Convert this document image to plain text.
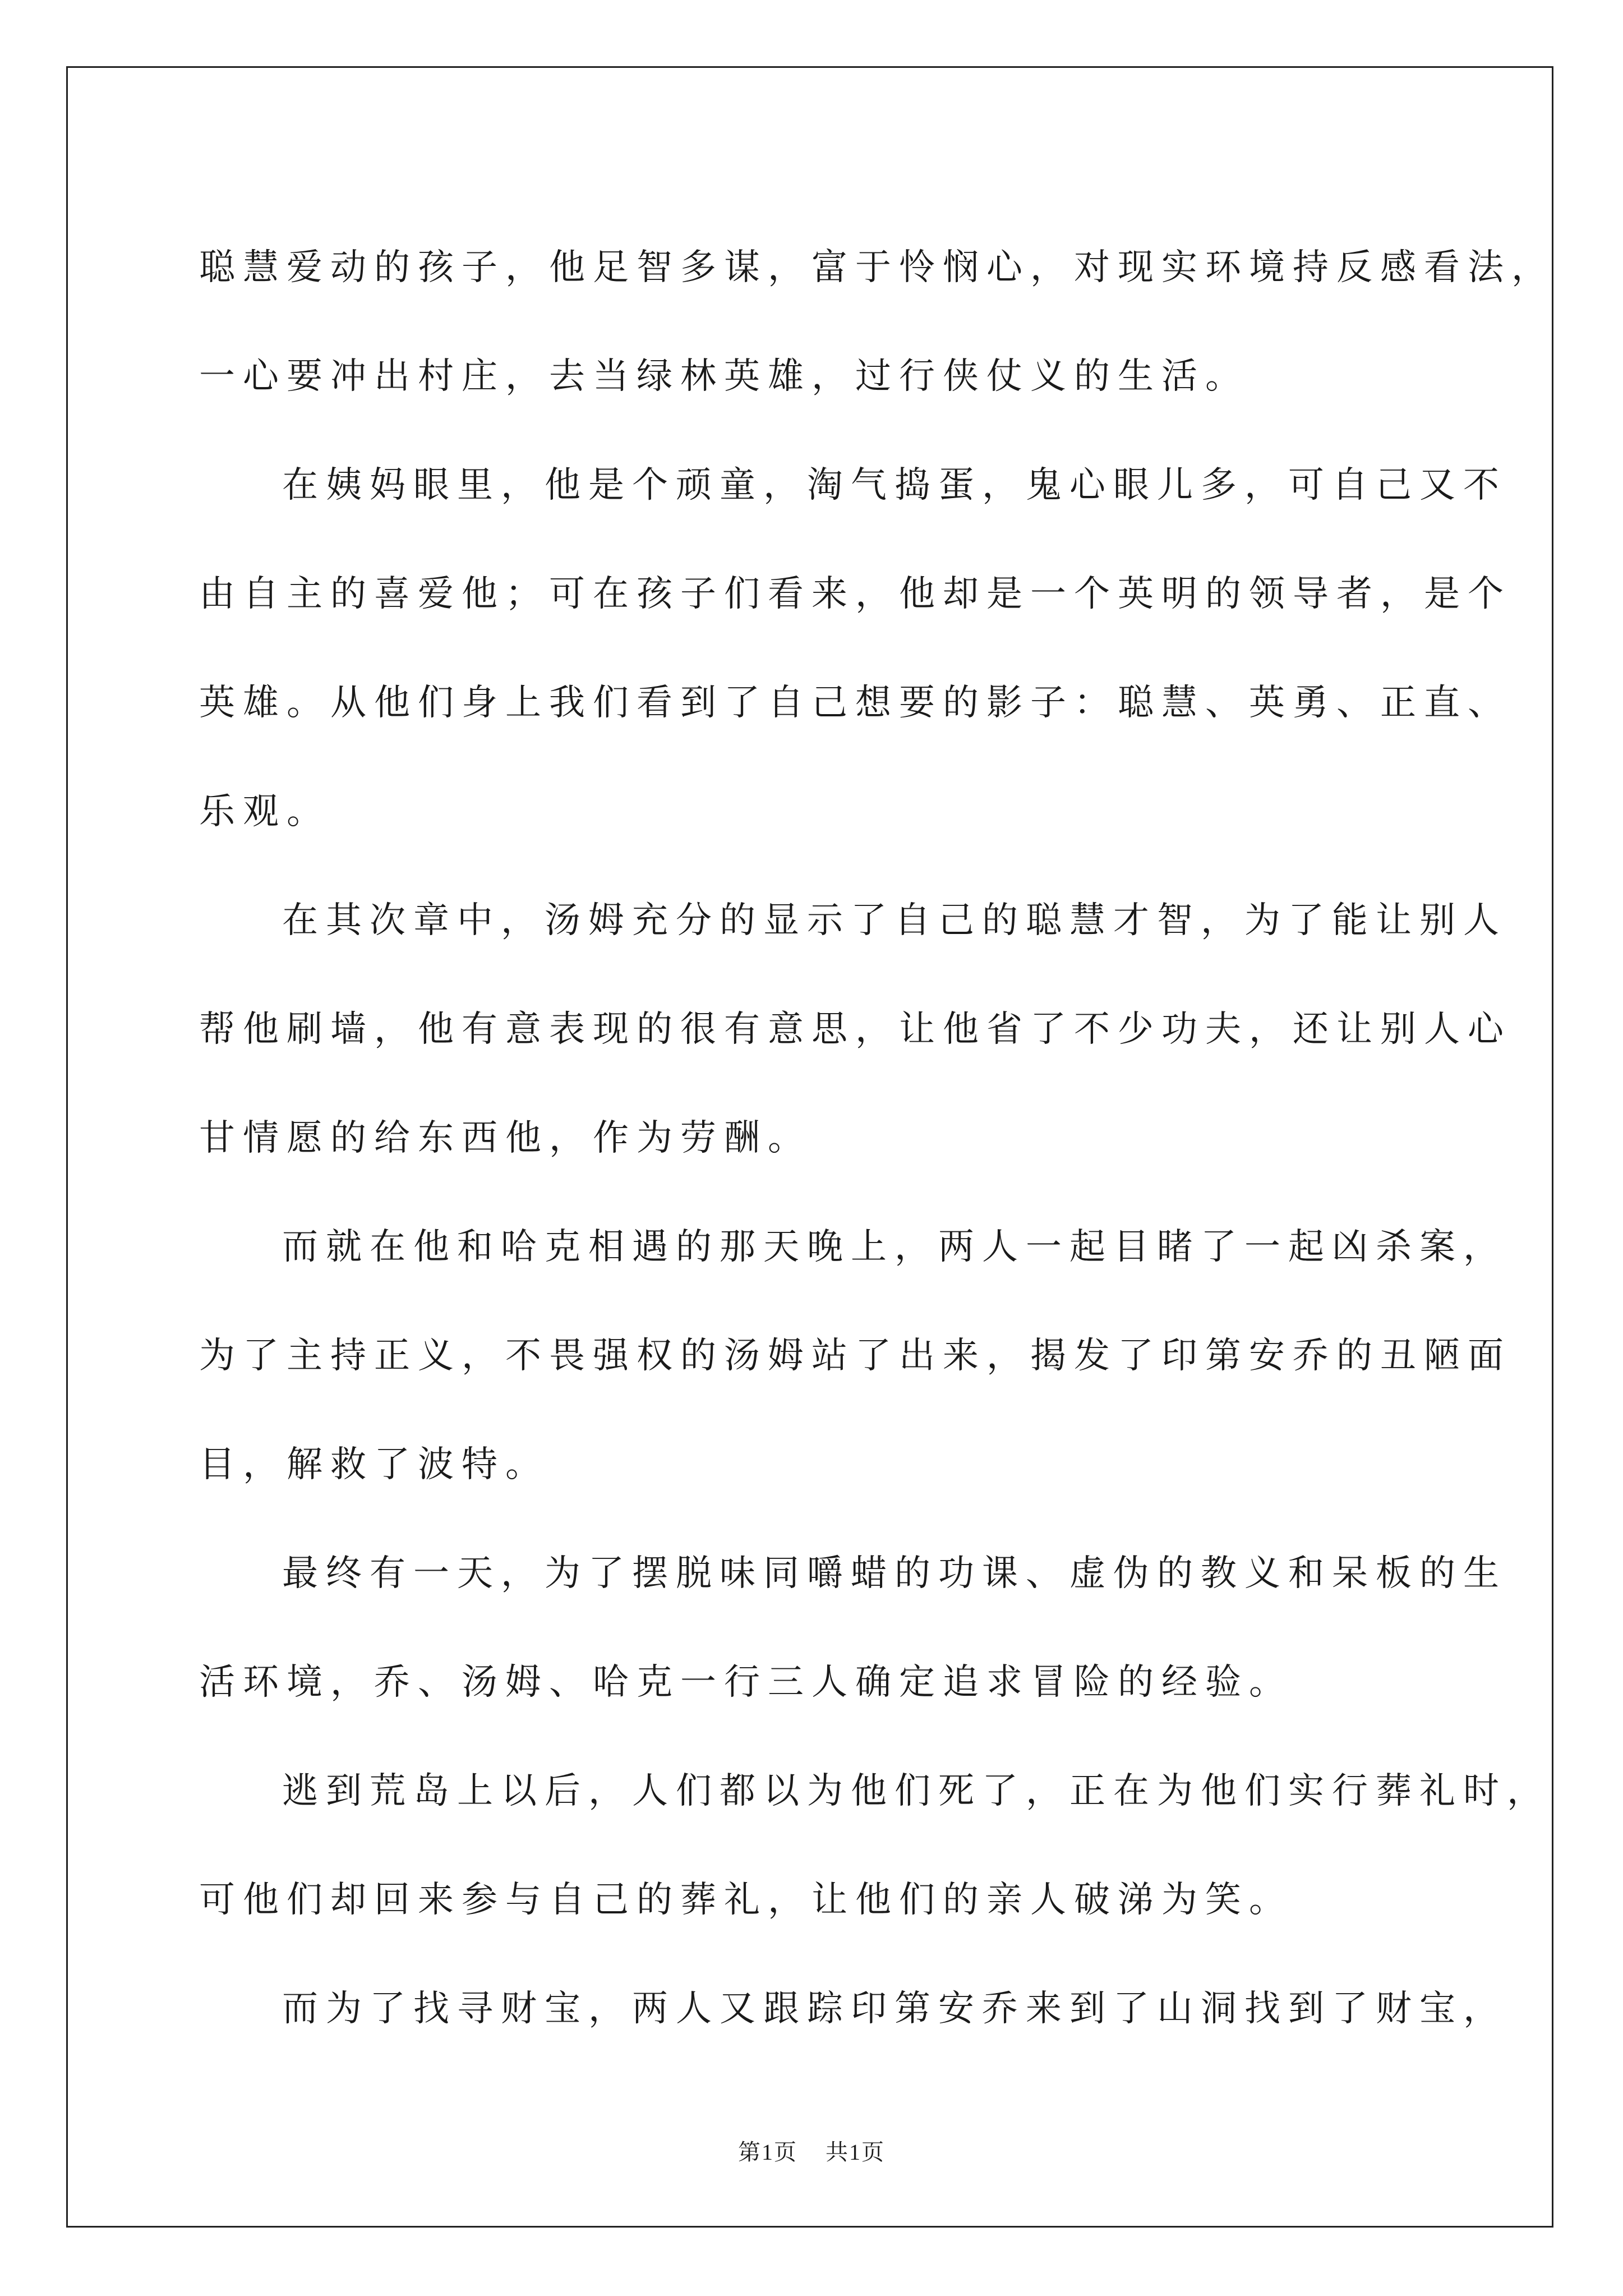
聪慧爱动的孩子，他足智多谋，富于怜悯心，对现实环境持反感看法，
一心要冲出村庄，去当绿林英雄，过行侠仗义的生活。
在姨妈眼里，他是个顽童，淘气捣蛋，鬼心眼儿多，可自己又不
由自主的喜爱他；可在孩子们看来，他却是一个英明的领导者，是个
英雄。从他们身上我们看到了自己想要的影子：聪慧、英勇、正直、
乐观。
在其次章中，汤姆充分的显示了自己的聪慧才智，为了能让别人
帮他刷墙，他有意表现的很有意思，让他省了不少功夫，还让别人心
甘情愿的给东西他，作为劳酬。
而就在他和哈克相遇的那天晚上，两人一起目睹了一起凶杀案，
为了主持正义，不畏强权的汤姆站了出来，揭发了印第安乔的丑陋面
目，解救了波特。
最终有一天，为了摆脱味同嚼蜡的功课、虚伪的教义和呆板的生
活环境，乔、汤姆、哈克一行三人确定追求冒险的经验。
逃到荒岛上以后，人们都以为他们死了，正在为他们实行葬礼时，
可他们却回来参与自己的葬礼，让他们的亲人破涕为笑。
而为了找寻财宝，两人又跟踪印第安乔来到了山洞找到了财宝，
第1页 共1页
